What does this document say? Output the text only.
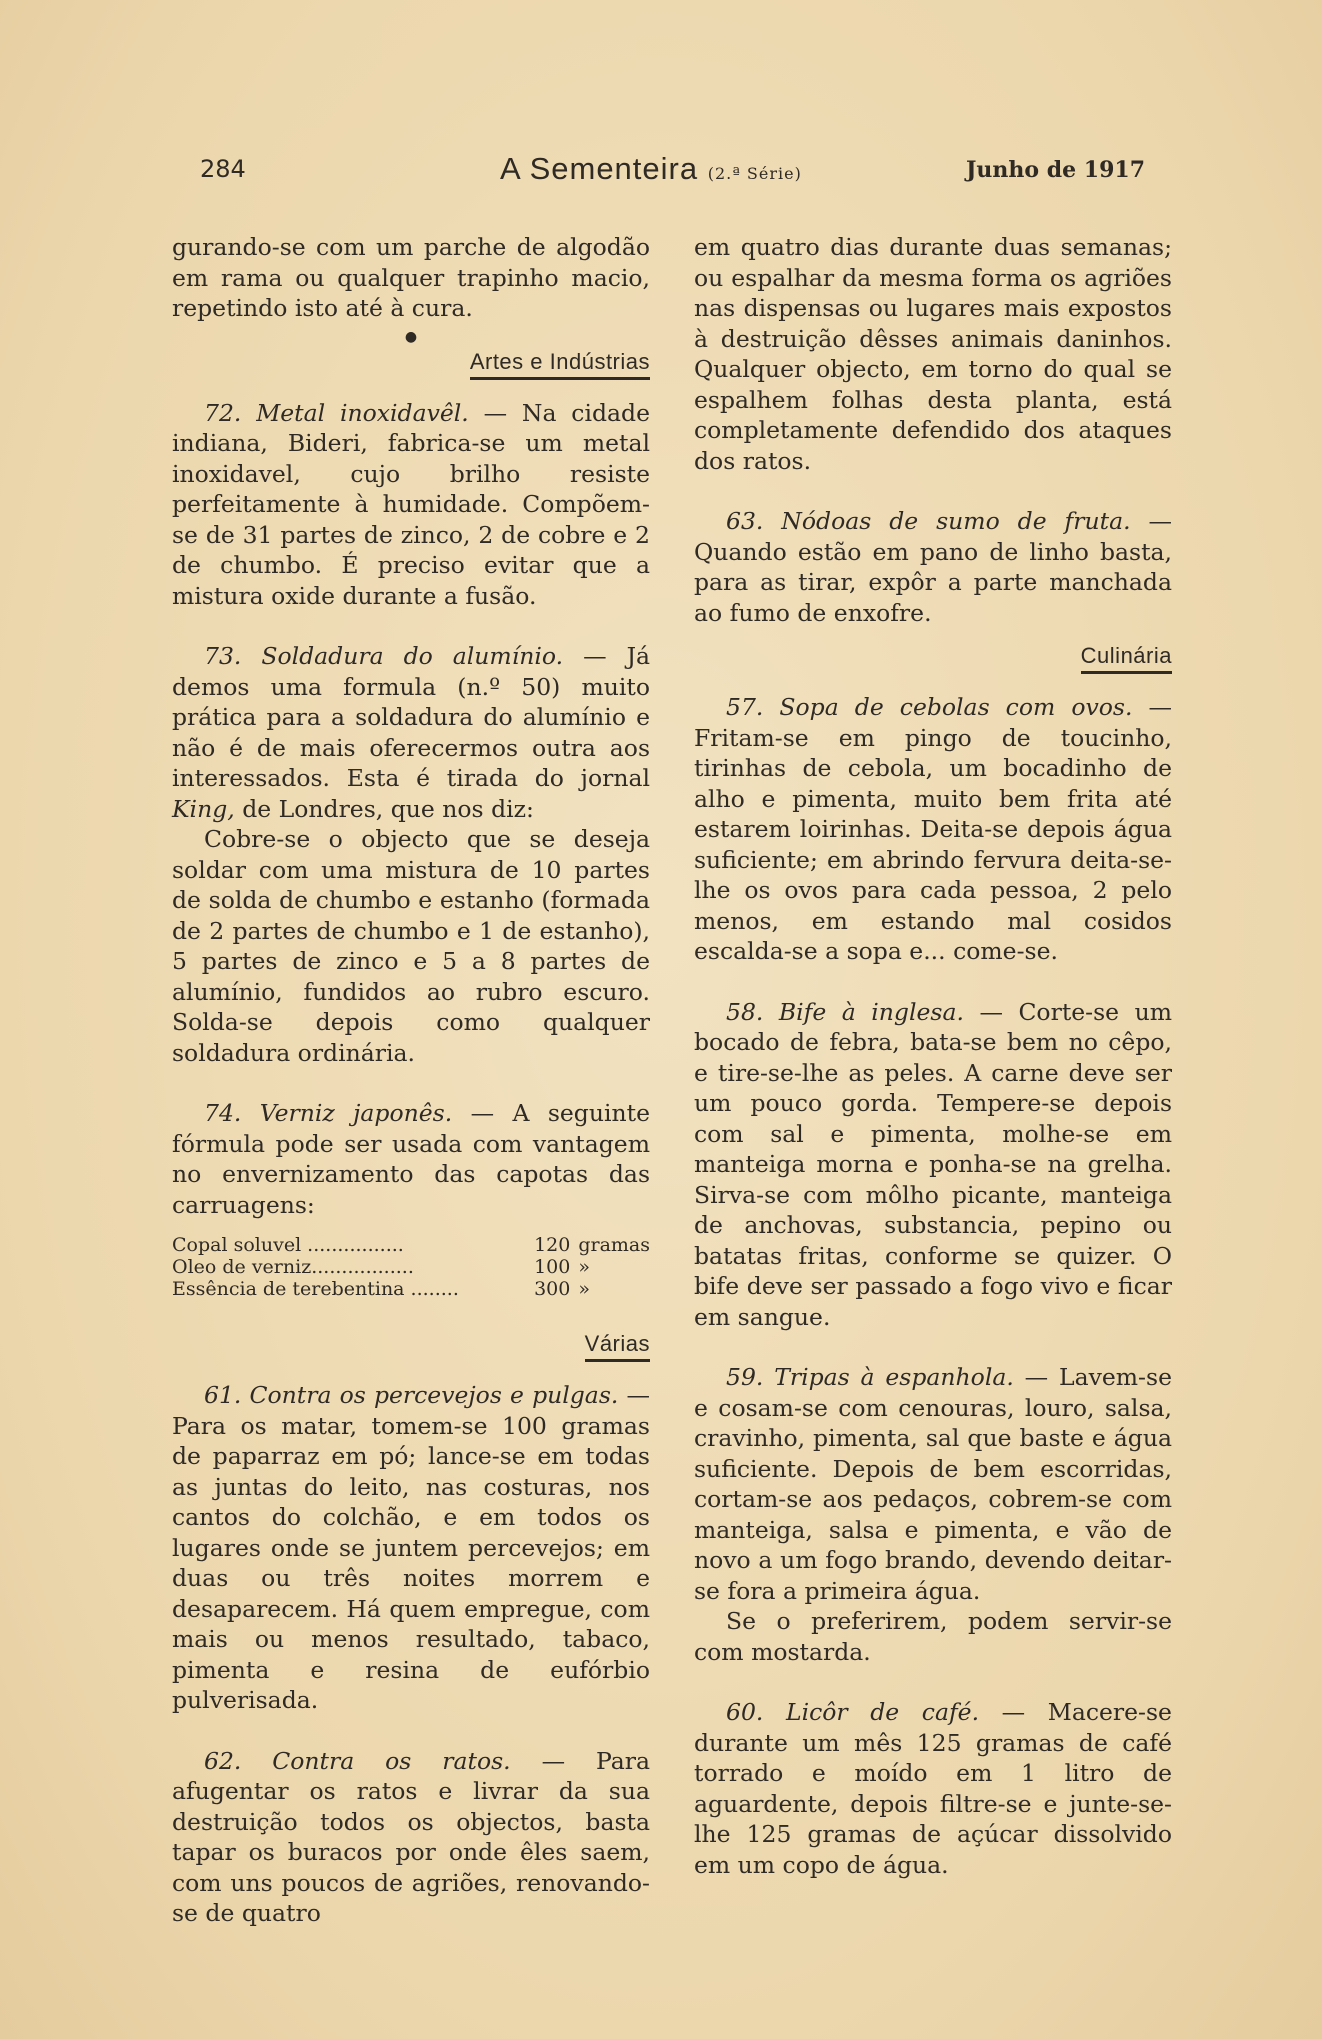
284	A Sementeira (2.ª Série)	Junho de 1917

gurando-se com um parche de algodão em rama ou qualquer trapinho macio, repetindo isto até à cura.

●
Artes e Indústrias

72. Metal inoxidavêl. — Na cidade indiana, Bideri, fabrica-se um metal inoxidavel, cujo brilho resiste perfeitamente à humidade. Compõem-se de 31 partes de zinco, 2 de cobre e 2 de chumbo. É preciso evitar que a mistura oxide durante a fusão.

73. Soldadura do alumínio. — Já demos uma formula (n.º 50) muito prática para a soldadura do alumínio e não é de mais oferecermos outra aos interessados. Esta é tirada do jornal King, de Londres, que nos diz:

Cobre-se o objecto que se deseja soldar com uma mistura de 10 partes de solda de chumbo e estanho (formada de 2 partes de chumbo e 1 de estanho), 5 partes de zinco e 5 a 8 partes de alumínio, fundidos ao rubro escuro. Solda-se depois como qualquer soldadura ordinária.

74. Verniz japonês. — A seguinte fórmula pode ser usada com vantagem no envernizamento das capotas das carruagens:

Copal soluvel ................	120	gramas
Oleo de verniz.................	100	»
Essência de terebentina ........	300	»
Várias

61. Contra os percevejos e pulgas. — Para os matar, tomem-se 100 gramas de paparraz em pó; lance-se em todas as juntas do leito, nas costuras, nos cantos do colchão, e em todos os lugares onde se juntem percevejos; em duas ou três noites morrem e desaparecem. Há quem empregue, com mais ou menos resultado, tabaco, pimenta e resina de eufórbio pulverisada.

62. Contra os ratos. — Para afugentar os ratos e livrar da sua destruição todos os objectos, basta tapar os buracos por onde êles saem, com uns poucos de agriões, renovando-se de quatro

em quatro dias durante duas semanas; ou espalhar da mesma forma os agriões nas dispensas ou lugares mais expostos à destruição dêsses animais daninhos. Qualquer objecto, em torno do qual se espalhem folhas desta planta, está completamente defendido dos ataques dos ratos.

63. Nódoas de sumo de fruta. — Quando estão em pano de linho basta, para as tirar, expôr a parte manchada ao fumo de enxofre.

Culinária

57. Sopa de cebolas com ovos. — Fritam-se em pingo de toucinho, tirinhas de cebola, um bocadinho de alho e pimenta, muito bem frita até estarem loirinhas. Deita-se depois água suficiente; em abrindo fervura deita-se-lhe os ovos para cada pessoa, 2 pelo menos, em estando mal cosidos escalda-se a sopa e... come-se.

58. Bife à inglesa. — Corte-se um bocado de febra, bata-se bem no cêpo, e tire-se-lhe as peles. A carne deve ser um pouco gorda. Tempere-se depois com sal e pimenta, molhe-se em manteiga morna e ponha-se na grelha. Sirva-se com môlho picante, manteiga de anchovas, substancia, pepino ou batatas fritas, conforme se quizer. O bife deve ser passado a fogo vivo e ficar em sangue.

59. Tripas à espanhola. — Lavem-se e cosam-se com cenouras, louro, salsa, cravinho, pimenta, sal que baste e água suficiente. Depois de bem escorridas, cortam-se aos pedaços, cobrem-se com manteiga, salsa e pimenta, e vão de novo a um fogo brando, devendo deitar-se fora a primeira água.

Se o preferirem, podem servir-se com mostarda.

60. Licôr de café. — Macere-se durante um mês 125 gramas de café torrado e moído em 1 litro de aguardente, depois filtre-se e junte-se-lhe 125 gramas de açúcar dissolvido em um copo de água.
